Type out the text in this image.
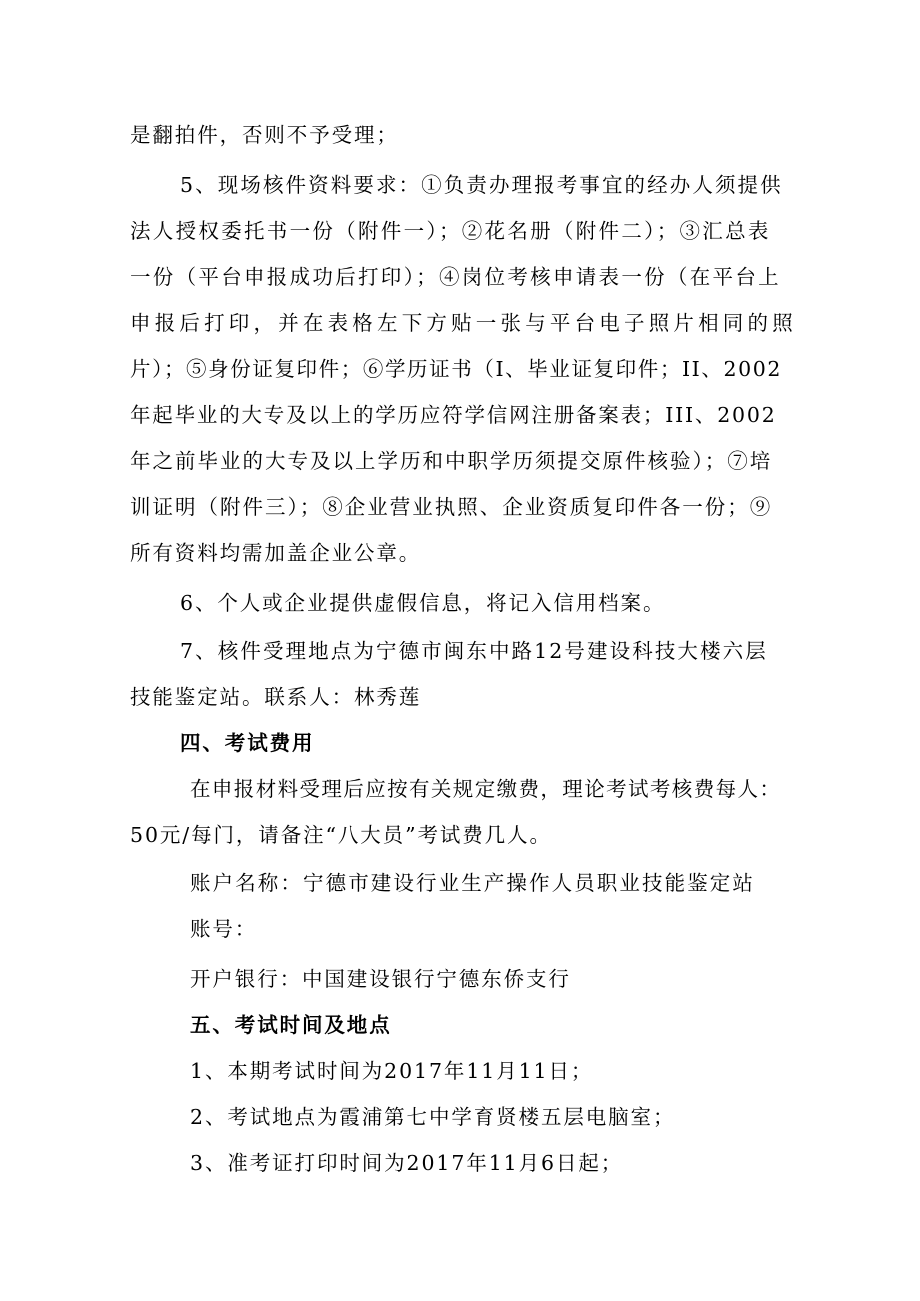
是翻拍件，否则不予受理；
5、现场核件资料要求：①负责办理报考事宜的经办人须提供
法人授权委托书一份（附件一）；②花名册（附件二）；③汇总表
一份（平台申报成功后打印）；④岗位考核申请表一份（在平台上
申报后打印，并在表格左下方贴一张与平台电子照片相同的照
片）；⑤身份证复印件；⑥学历证书（I、毕业证复印件；II、2002
年起毕业的大专及以上的学历应符学信网注册备案表；III、2002
年之前毕业的大专及以上学历和中职学历须提交原件核验）；⑦培
训证明（附件三）；⑧企业营业执照、企业资质复印件各一份；⑨
所有资料均需加盖企业公章。
6、个人或企业提供虚假信息，将记入信用档案。
7、核件受理地点为宁德市闽东中路12号建设科技大楼六层
技能鉴定站。联系人：林秀莲
四、考试费用
在申报材料受理后应按有关规定缴费，理论考试考核费每人：
50元/每门，请备注“八大员”考试费几人。
账户名称：宁德市建设行业生产操作人员职业技能鉴定站
账号：
开户银行：中国建设银行宁德东侨支行
五、考试时间及地点
1、本期考试时间为2017年11月11日；
2、考试地点为霞浦第七中学育贤楼五层电脑室；
3、准考证打印时间为2017年11月6日起；
